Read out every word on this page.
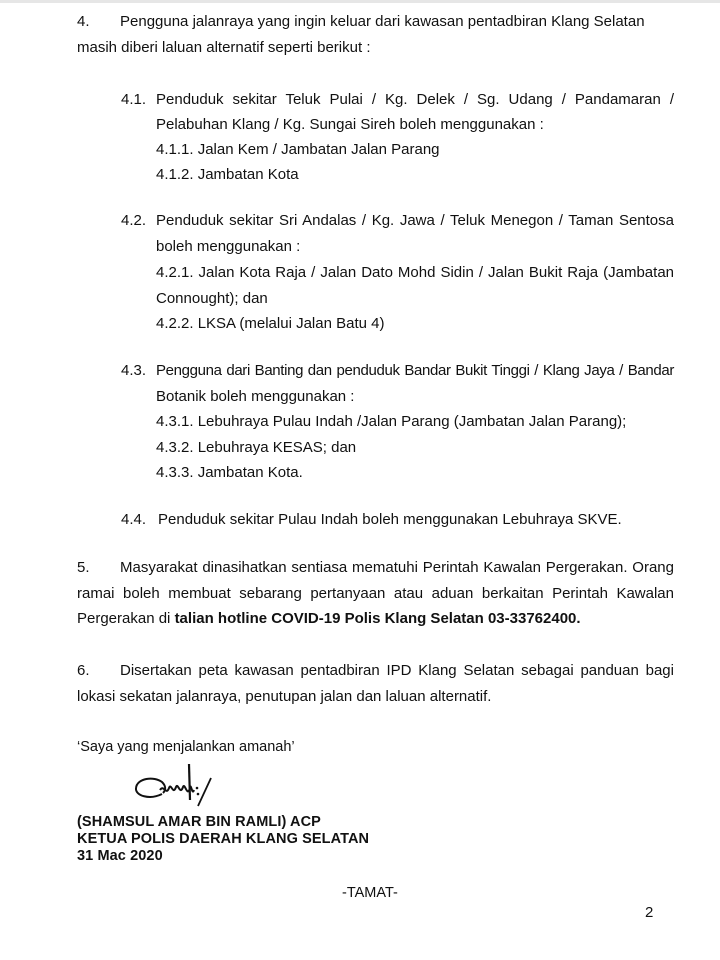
4. Pengguna jalanraya yang ingin keluar dari kawasan pentadbiran Klang Selatan
masih diberi laluan alternatif seperti berikut :
4.1. Penduduk sekitar Teluk Pulai / Kg. Delek / Sg. Udang / Pandamaran /
Pelabuhan Klang / Kg. Sungai Sireh boleh menggunakan :
4.1.1. Jalan Kem / Jambatan Jalan Parang
4.1.2. Jambatan Kota
4.2. Penduduk sekitar Sri Andalas / Kg. Jawa / Teluk Menegon / Taman Sentosa
boleh menggunakan :
4.2.1. Jalan Kota Raja / Jalan Dato Mohd Sidin / Jalan Bukit Raja (Jambatan
Connought); dan
4.2.2. LKSA (melalui Jalan Batu 4)
4.3. Pengguna dari Banting dan penduduk Bandar Bukit Tinggi / Klang Jaya / Bandar
Botanik boleh menggunakan :
4.3.1. Lebuhraya Pulau Indah /Jalan Parang (Jambatan Jalan Parang);
4.3.2. Lebuhraya KESAS; dan
4.3.3. Jambatan Kota.
4.4. Penduduk sekitar Pulau Indah boleh menggunakan Lebuhraya SKVE.
5. Masyarakat dinasihatkan sentiasa mematuhi Perintah Kawalan Pergerakan. Orang
ramai boleh membuat sebarang pertanyaan atau aduan berkaitan Perintah Kawalan
Pergerakan di talian hotline COVID-19 Polis Klang Selatan 03-33762400.
6. Disertakan peta kawasan pentadbiran IPD Klang Selatan sebagai panduan bagi
lokasi sekatan jalanraya, penutupan jalan dan laluan alternatif.
‘Saya yang menjalankan amanah’
(SHAMSUL AMAR BIN RAMLI) ACP
KETUA POLIS DAERAH KLANG SELATAN
31 Mac 2020
-TAMAT-
2
